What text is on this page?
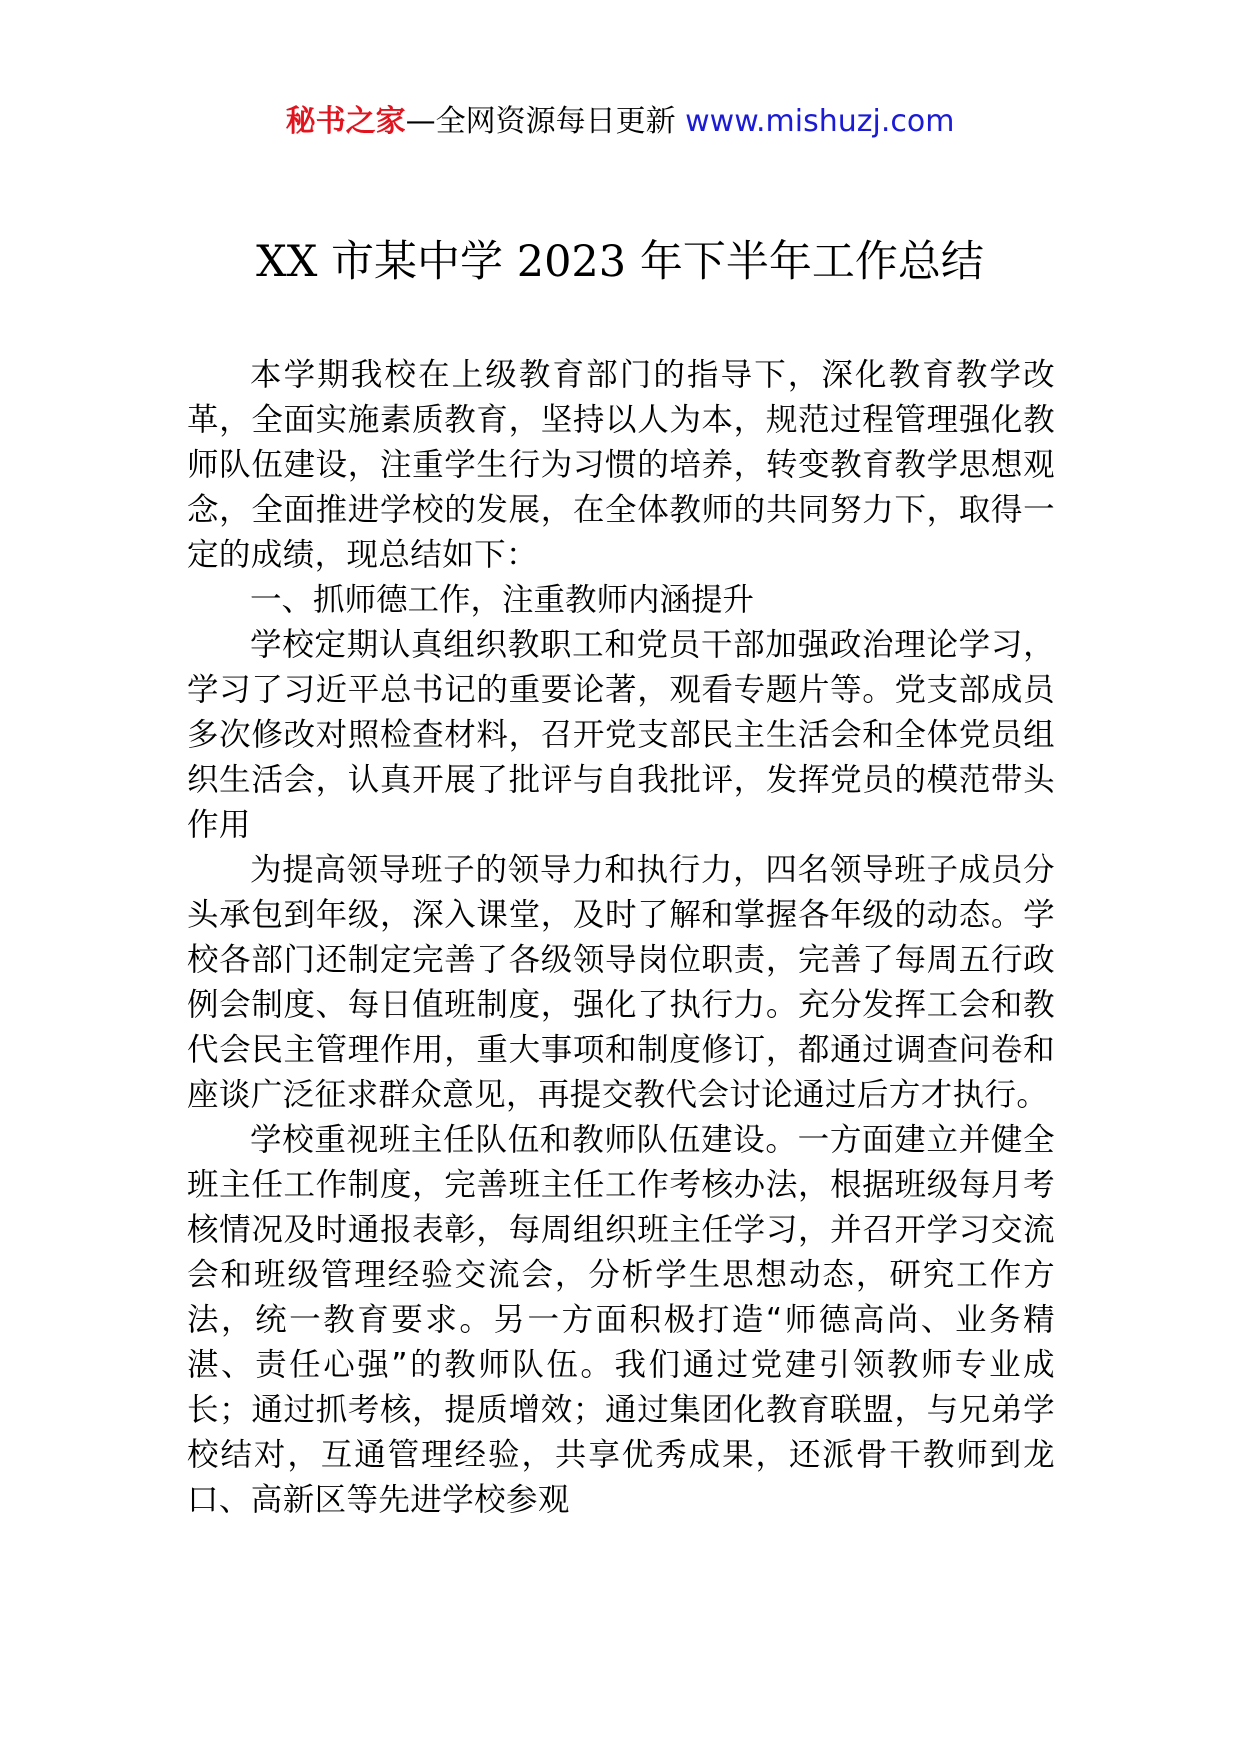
秘书之家—全网资源每日更新 www.mishuzj.com
XX 市某中学 2023 年下半年工作总结

本学期我校在上级教育部门的指导下，深化教育教学改革，全面实施素质教育，坚持以人为本，规范过程管理强化教师队伍建设，注重学生行为习惯的培养，转变教育教学思想观念，全面推进学校的发展，在全体教师的共同努力下，取得一定的成绩，现总结如下：

一、抓师德工作，注重教师内涵提升

学校定期认真组织教职工和党员干部加强政治理论学习，学习了习近平总书记的重要论著，观看专题片等。党支部成员多次修改对照检查材料，召开党支部民主生活会和全体党员组织生活会，认真开展了批评与自我批评，发挥党员的模范带头作用

为提高领导班子的领导力和执行力，四名领导班子成员分头承包到年级，深入课堂，及时了解和掌握各年级的动态。学校各部门还制定完善了各级领导岗位职责，完善了每周五行政例会制度、每日值班制度，强化了执行力。充分发挥工会和教代会民主管理作用，重大事项和制度修订，都通过调查问卷和座谈广泛征求群众意见，再提交教代会讨论通过后方才执行。

学校重视班主任队伍和教师队伍建设。一方面建立并健全班主任工作制度，完善班主任工作考核办法，根据班级每月考核情况及时通报表彰，每周组织班主任学习，并召开学习交流会和班级管理经验交流会，分析学生思想动态，研究工作方法，统一教育要求。另一方面积极打造“师德高尚、业务精湛、责任心强”的教师队伍。我们通过党建引领教师专业成长；通过抓考核，提质增效；通过集团化教育联盟，与兄弟学校结对，互通管理经验，共享优秀成果，还派骨干教师到龙口、高新区等先进学校参观
